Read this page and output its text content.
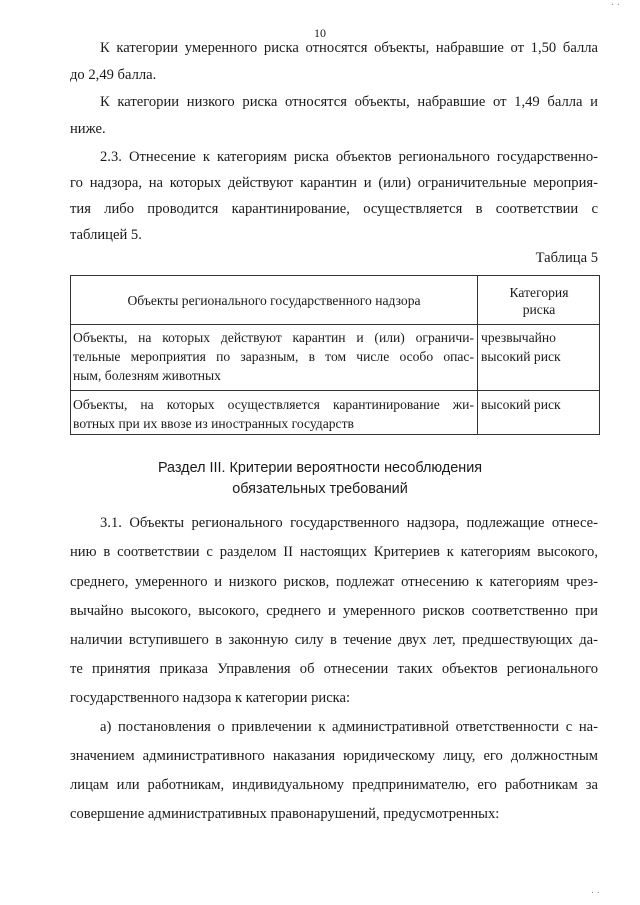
10
· ·
К категории умеренного риска относятся объекты, набравшие от 1,50 балла
до 2,49 балла.
К категории низкого риска относятся объекты, набравшие от 1,49 балла и
ниже.
2.3. Отнесение к категориям риска объектов регионального государственно-
го надзора, на которых действуют карантин и (или) ограничительные мероприя-
тия либо проводится карантинирование, осуществляется в соответствии с
таблицей 5.
Таблица 5
Объекты регионального государственного надзора
Категория
риска
Объекты, на которых действуют карантин и (или) ограничи-
тельные мероприятия по заразным, в том числе особо опас-
ным, болезням животных
чрезвычайно
высокий риск
Объекты, на которых осуществляется карантинирование жи-
вотных при их ввозе из иностранных государств
высокий риск
Раздел III. Критерии вероятности несоблюдения
обязательных требований
3.1. Объекты регионального государственного надзора, подлежащие отнесе-
нию в соответствии с разделом II настоящих Критериев к категориям высокого,
среднего, умеренного и низкого рисков, подлежат отнесению к категориям чрез-
вычайно высокого, высокого, среднего и умеренного рисков соответственно при
наличии вступившего в законную силу в течение двух лет, предшествующих да-
те принятия приказа Управления об отнесении таких объектов регионального
государственного надзора к категории риска:
а) постановления о привлечении к административной ответственности с на-
значением административного наказания юридическому лицу, его должностным
лицам или работникам, индивидуальному предпринимателю, его работникам за
совершение административных правонарушений, предусмотренных:
· ·
